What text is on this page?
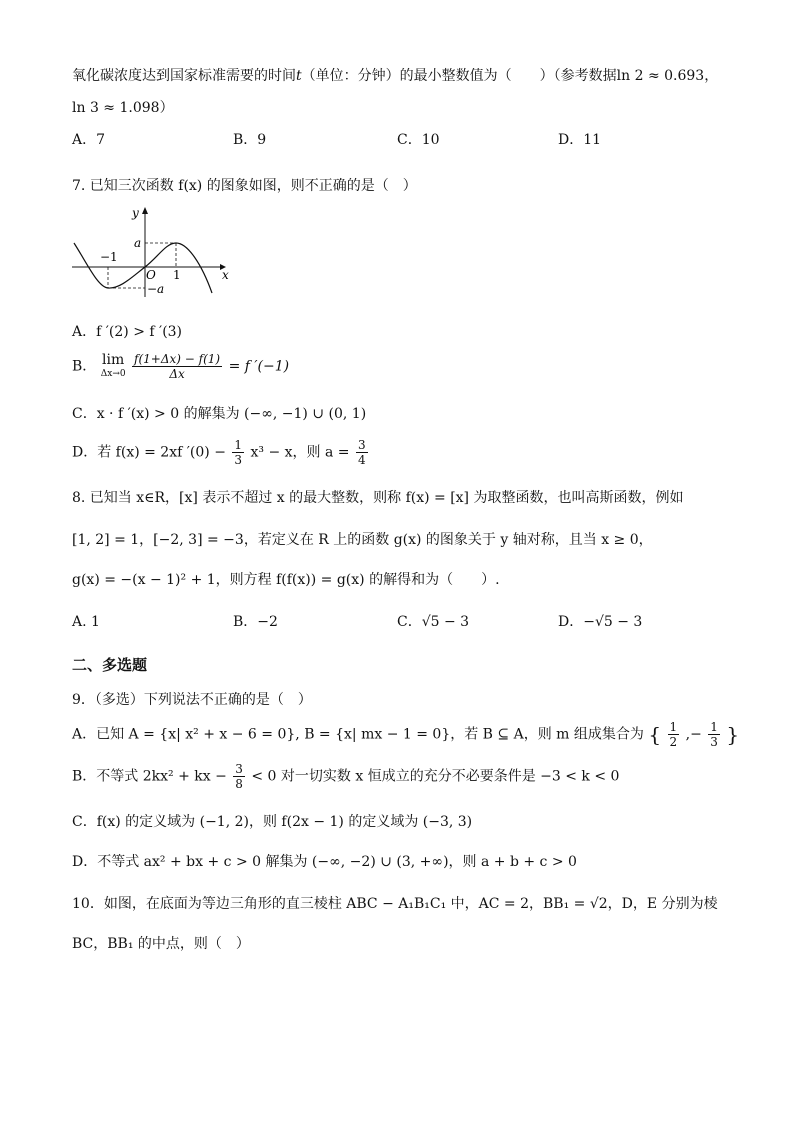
氧化碳浓度达到国家标准需要的时间t（单位：分钟）的最小整数值为（　　）（参考数据ln 2 ≈ 0.693，
ln 3 ≈ 1.098）
A．7	B．9	C．10	D．11
7. 已知三次函数 f(x) 的图象如图，则不正确的是（　）
y
x
a
−a
−1
1
O
A．f ′(2) > f ′(3)
B． lim
Δx→0
$\frac{f(1+\Delta x) - f(1)}{\Delta x} = f$ ′(−1)
C．x · f ′(x) > 0 的解集为 (−∞, −1) ∪ (0, 1)
D．若 f(x) = 2xf $'(0) - \frac{1}{3} x^3 - x$，则 $a = \frac{3}{4}$
8. 已知当 x∈R，[x] 表示不超过 x 的最大整数，则称 f(x) = [x] 为取整函数，也叫高斯函数，例如
[1, 2] = 1，[−2, 3] = −3，若定义在 R 上的函数 g(x) 的图象关于 y 轴对称，且当 x ≥ 0，
g(x) = −(x − 1)² + 1，则方程 f(f(x)) = g(x) 的解得和为（　　）.
A. 1	B．−2	C．√5 − 3	D．−√5 − 3
二、多选题
9．（多选）下列说法不正确的是（　）
A．已知 A = {x| x² + x − 6 = 0}, B = {x| mx − 1 = 0}，若 B ⊆ A，则 m 组成集合为 { $\frac{1}{2}$ ,− $\frac{1}{3}$ }
B．不等式 2kx² + kx − $\frac{3}{8} < 0$ 对一切实数 x 恒成立的充分不必要条件是 −3 < k < 0
C．f(x) 的定义域为 (−1, 2)，则 f(2x − 1) 的定义域为 (−3, 3)
D．不等式 ax² + bx + c > 0 解集为 (−∞, −2) ∪ (3, +∞)，则 a + b + c > 0
10．如图，在底面为等边三角形的直三棱柱 ABC − A₁B₁C₁ 中，AC = 2，BB₁ = √2，D，E 分别为棱
BC，BB₁ 的中点，则（　）
